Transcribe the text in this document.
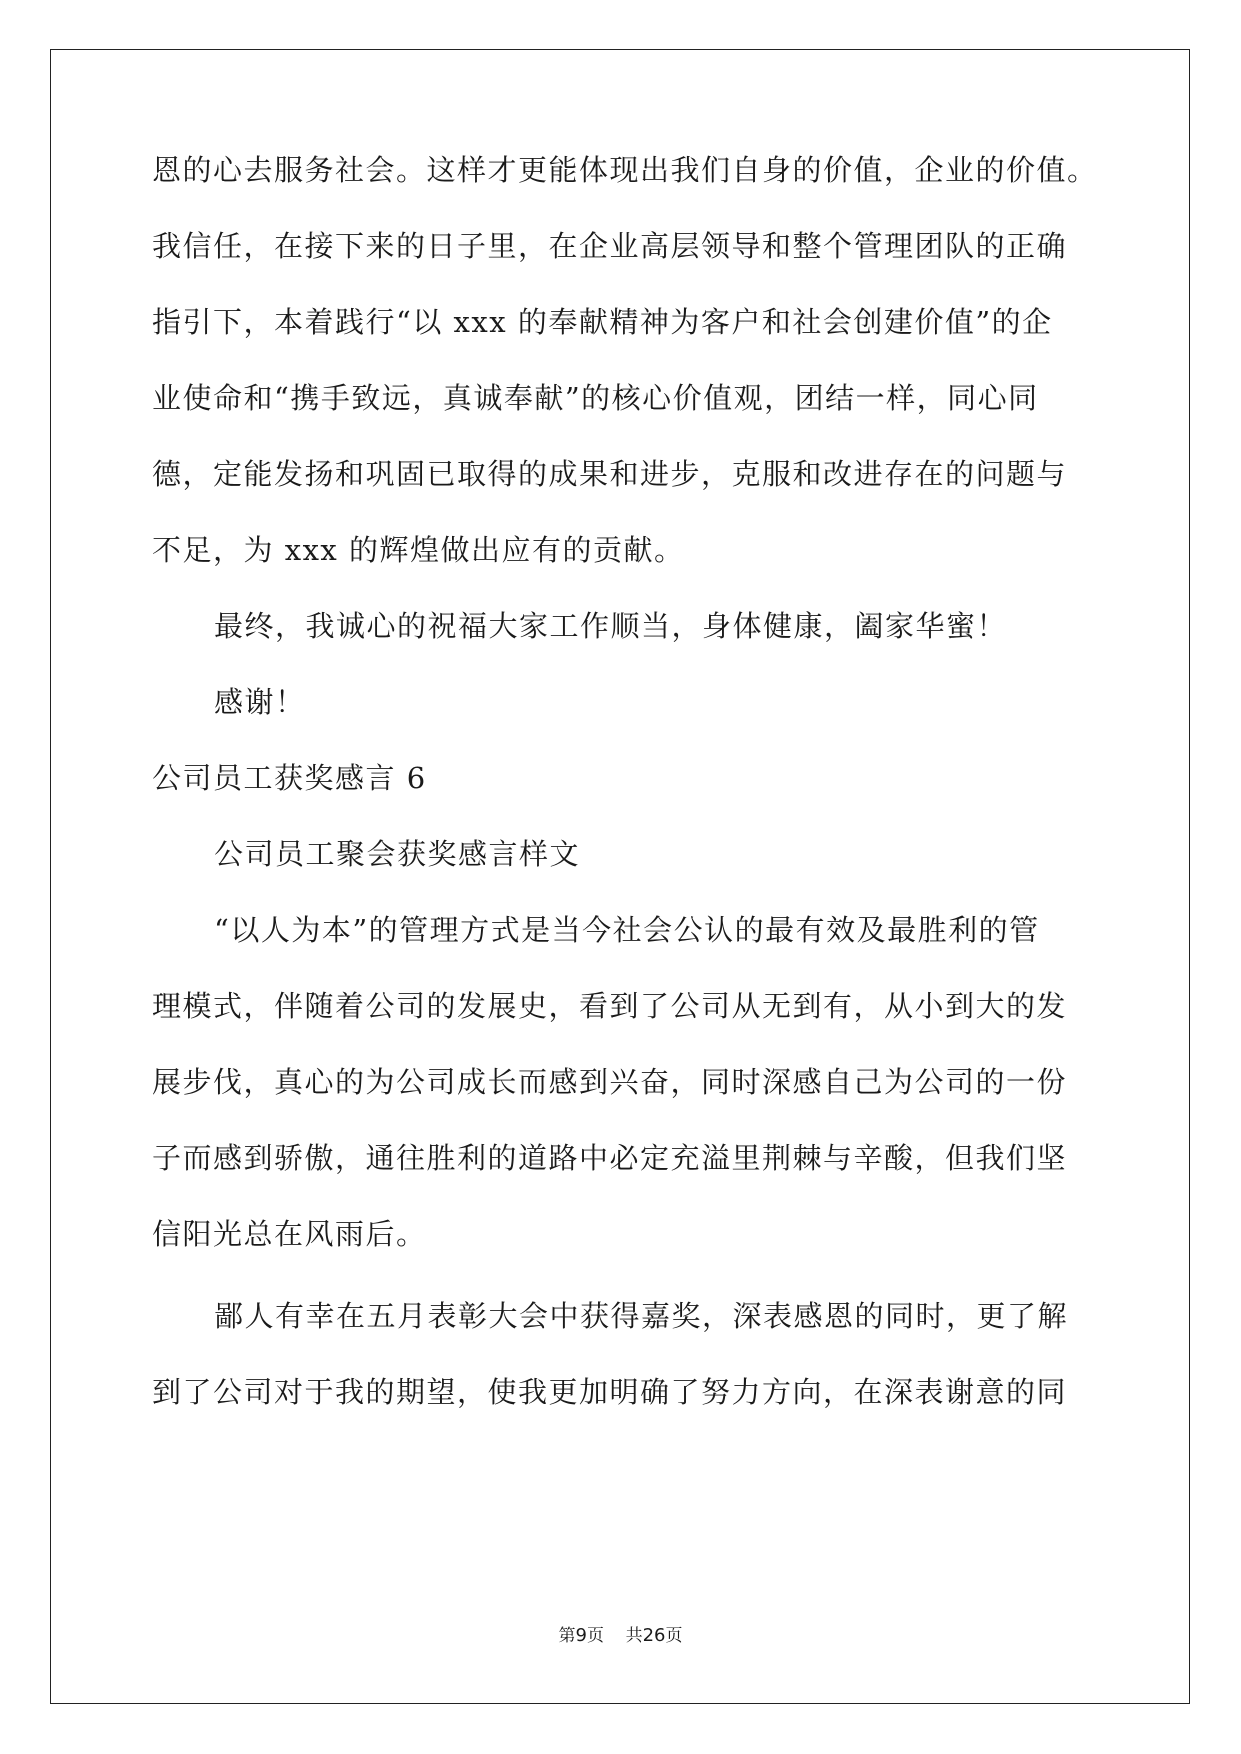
恩的心去服务社会。这样才更能体现出我们自身的价值，企业的价值。
我信任，在接下来的日子里，在企业高层领导和整个管理团队的正确
指引下，本着践行“以 xxx 的奉献精神为客户和社会创建价值”的企
业使命和“携手致远，真诚奉献”的核心价值观，团结一样，同心同
德，定能发扬和巩固已取得的成果和进步，克服和改进存在的问题与
不足，为 xxx 的辉煌做出应有的贡献。
最终，我诚心的祝福大家工作顺当，身体健康，阖家华蜜！
感谢！
公司员工获奖感言 6
公司员工聚会获奖感言样文
“以人为本”的管理方式是当今社会公认的最有效及最胜利的管
理模式，伴随着公司的发展史，看到了公司从无到有，从小到大的发
展步伐，真心的为公司成长而感到兴奋，同时深感自己为公司的一份
子而感到骄傲，通往胜利的道路中必定充溢里荆棘与辛酸，但我们坚
信阳光总在风雨后。
鄙人有幸在五月表彰大会中获得嘉奖，深表感恩的同时，更了解
到了公司对于我的期望，使我更加明确了努力方向，在深表谢意的同
第9页 共26页
